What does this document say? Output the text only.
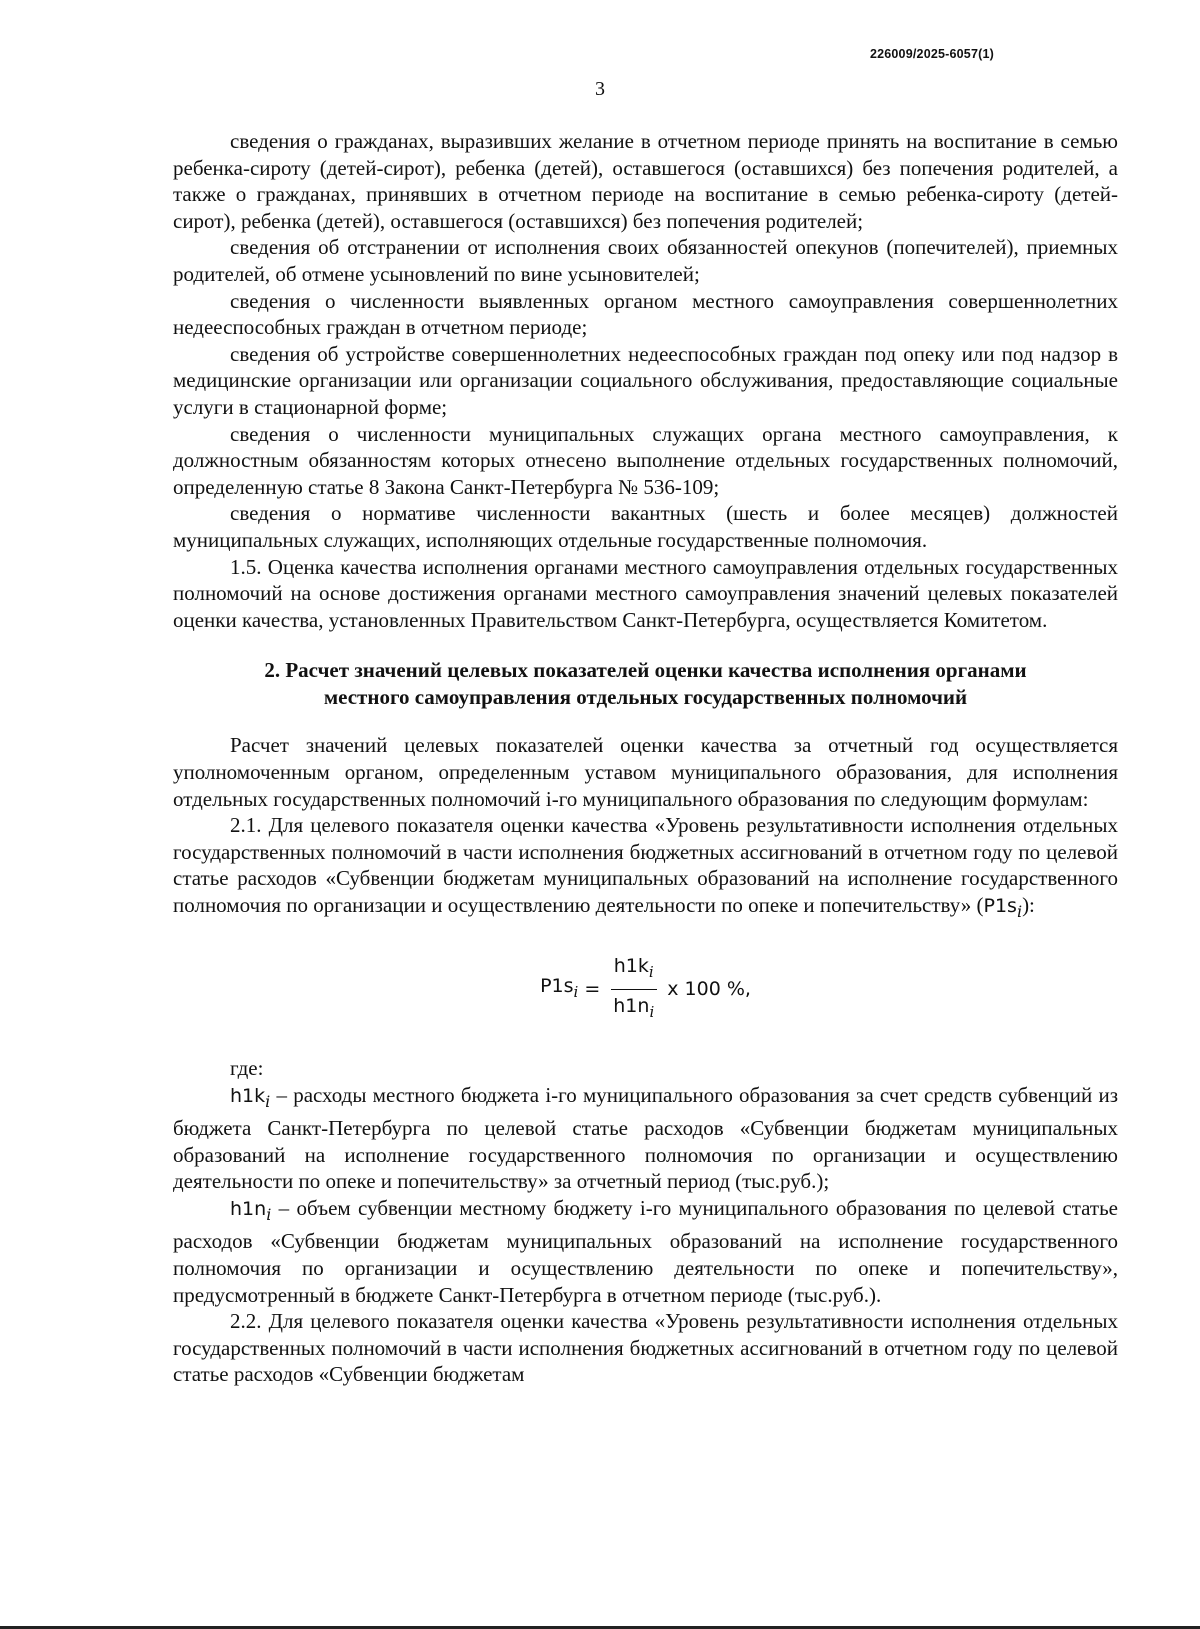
226009/2025-6057(1)
3

сведения о гражданах, выразивших желание в отчетном периоде принять на воспитание в семью ребенка-сироту (детей-сирот), ребенка (детей), оставшегося (оставшихся) без попечения родителей, а также о гражданах, принявших в отчетном периоде на воспитание в семью ребенка-сироту (детей-сирот), ребенка (детей), оставшегося (оставшихся) без попечения родителей;

сведения об отстранении от исполнения своих обязанностей опекунов (попечителей), приемных родителей, об отмене усыновлений по вине усыновителей;

сведения о численности выявленных органом местного самоуправления совершеннолетних недееспособных граждан в отчетном периоде;

сведения об устройстве совершеннолетних недееспособных граждан под опеку или под надзор в медицинские организации или организации социального обслуживания, предоставляющие социальные услуги в стационарной форме;

сведения о численности муниципальных служащих органа местного самоуправления, к должностным обязанностям которых отнесено выполнение отдельных государственных полномочий, определенную статье 8 Закона Санкт-Петербурга № 536-109;

сведения о нормативе численности вакантных (шесть и более месяцев) должностей муниципальных служащих, исполняющих отдельные государственные полномочия.

1.5. Оценка качества исполнения органами местного самоуправления отдельных государственных полномочий на основе достижения органами местного самоуправления значений целевых показателей оценки качества, установленных Правительством Санкт-Петербурга, осуществляется Комитетом.

2. Расчет значений целевых показателей оценки качества исполнения органами
местного самоуправления отдельных государственных полномочий

Расчет значений целевых показателей оценки качества за отчетный год осуществляется уполномоченным органом, определенным уставом муниципального образования, для исполнения отдельных государственных полномочий i-го муниципального образования по следующим формулам:

2.1. Для целевого показателя оценки качества «Уровень результативности исполнения отдельных государственных полномочий в части исполнения бюджетных ассигнований в отчетном году по целевой статье расходов «Субвенции бюджетам муниципальных образований на исполнение государственного полномочия по организации и осуществлению деятельности по опеке и попечительству» $(P1s_i)$:

$P1s_i = \frac{h1k_i}{h1n_i}$ x 100 %,

где:

$h1k_i$ – расходы местного бюджета i-го муниципального образования за счет средств субвенций из бюджета Санкт-Петербурга по целевой статье расходов «Субвенции бюджетам муниципальных образований на исполнение государственного полномочия по организации и осуществлению деятельности по опеке и попечительству» за отчетный период (тыс.руб.);

$h1n_i$ – объем субвенции местному бюджету i-го муниципального образования по целевой статье расходов «Субвенции бюджетам муниципальных образований на исполнение государственного полномочия по организации и осуществлению деятельности по опеке и попечительству», предусмотренный в бюджете Санкт-Петербурга в отчетном периоде (тыс.руб.).

2.2. Для целевого показателя оценки качества «Уровень результативности исполнения отдельных государственных полномочий в части исполнения бюджетных ассигнований в отчетном году по целевой статье расходов «Субвенции бюджетам
